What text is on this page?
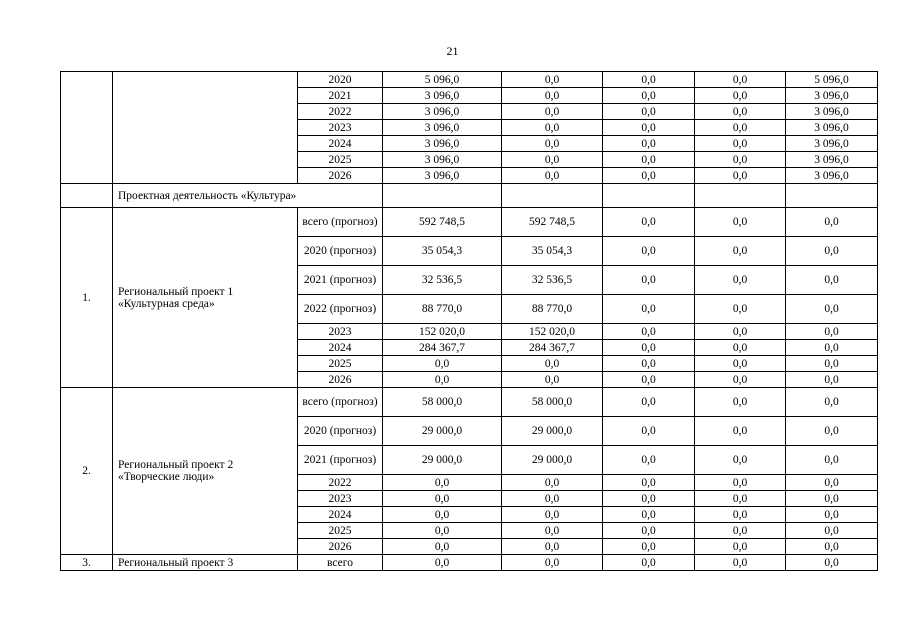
21
		2020	5 096,0	0,0	0,0	0,0	5 096,0
		2021	3 096,0	0,0	0,0	0,0	3 096,0
		2022	3 096,0	0,0	0,0	0,0	3 096,0
		2023	3 096,0	0,0	0,0	0,0	3 096,0
		2024	3 096,0	0,0	0,0	0,0	3 096,0
		2025	3 096,0	0,0	0,0	0,0	3 096,0
		2026	3 096,0	0,0	0,0	0,0	3 096,0
	Проектная деятельность «Культура»						
1.	Региональный проект 1 «Культурная среда»	всего (прогноз)	592 748,5	592 748,5	0,0	0,0	0,0
		2020 (прогноз)	35 054,3	35 054,3	0,0	0,0	0,0
		2021 (прогноз)	32 536,5	32 536,5	0,0	0,0	0,0
		2022 (прогноз)	88 770,0	88 770,0	0,0	0,0	0,0
		2023	152 020,0	152 020,0	0,0	0,0	0,0
		2024	284 367,7	284 367,7	0,0	0,0	0,0
		2025	0,0	0,0	0,0	0,0	0,0
		2026	0,0	0,0	0,0	0,0	0,0
2.	Региональный проект 2 «Творческие люди»	всего (прогноз)	58 000,0	58 000,0	0,0	0,0	0,0
		2020 (прогноз)	29 000,0	29 000,0	0,0	0,0	0,0
		2021 (прогноз)	29 000,0	29 000,0	0,0	0,0	0,0
		2022	0,0	0,0	0,0	0,0	0,0
		2023	0,0	0,0	0,0	0,0	0,0
		2024	0,0	0,0	0,0	0,0	0,0
		2025	0,0	0,0	0,0	0,0	0,0
		2026	0,0	0,0	0,0	0,0	0,0
3.	Региональный проект 3	всего	0,0	0,0	0,0	0,0	0,0
